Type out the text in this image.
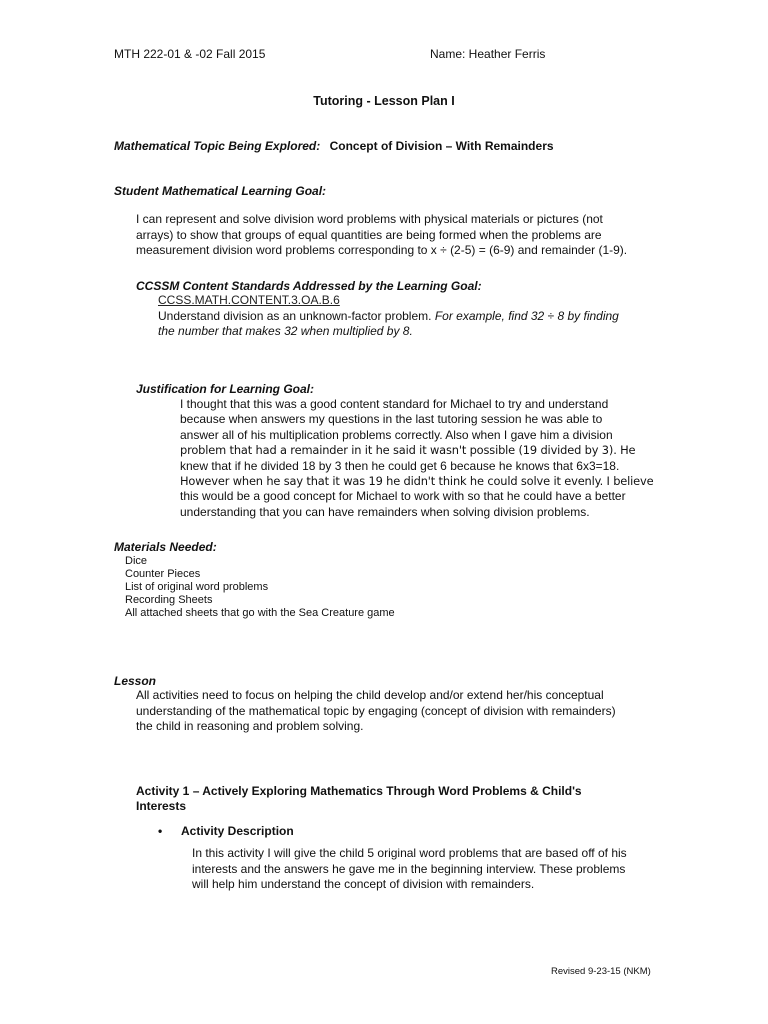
MTH 222-01 & -02 Fall 2015	Name: Heather Ferris
Tutoring - Lesson Plan I
Mathematical Topic Being Explored: Concept of Division – With Remainders
Student Mathematical Learning Goal:

I can represent and solve division word problems with physical materials or pictures (not

arrays) to show that groups of equal quantities are being formed when the problems are

measurement division word problems corresponding to x ÷ (2-5) = (6-9) and remainder (1-9).

CCSSM Content Standards Addressed by the Learning Goal:
CCSS.MATH.CONTENT.3.OA.B.6
Understand division as an unknown-factor problem. For example, find 32 ÷ 8 by finding
the number that makes 32 when multiplied by 8.
Justification for Learning Goal:

I thought that this was a good content standard for Michael to try and understand

because when answers my questions in the last tutoring session he was able to

answer all of his multiplication problems correctly. Also when I gave him a division

problem that had a remainder in it he said it wasn't possible (19 divided by 3). He

knew that if he divided 18 by 3 then he could get 6 because he knows that 6x3=18.

However when he say that it was 19 he didn't think he could solve it evenly. I believe

this would be a good concept for Michael to work with so that he could have a better

understanding that you can have remainders when solving division problems.

Materials Needed:

Dice

Counter Pieces

List of original word problems

Recording Sheets

All attached sheets that go with the Sea Creature game

Lesson

All activities need to focus on helping the child develop and/or extend her/his conceptual

understanding of the mathematical topic by engaging (concept of division with remainders)

the child in reasoning and problem solving.

Activity 1 – Actively Exploring Mathematics Through Word Problems & Child's
Interests
• Activity Description

In this activity I will give the child 5 original word problems that are based off of his

interests and the answers he gave me in the beginning interview. These problems

will help him understand the concept of division with remainders.

Revised 9-23-15 (NKM)
